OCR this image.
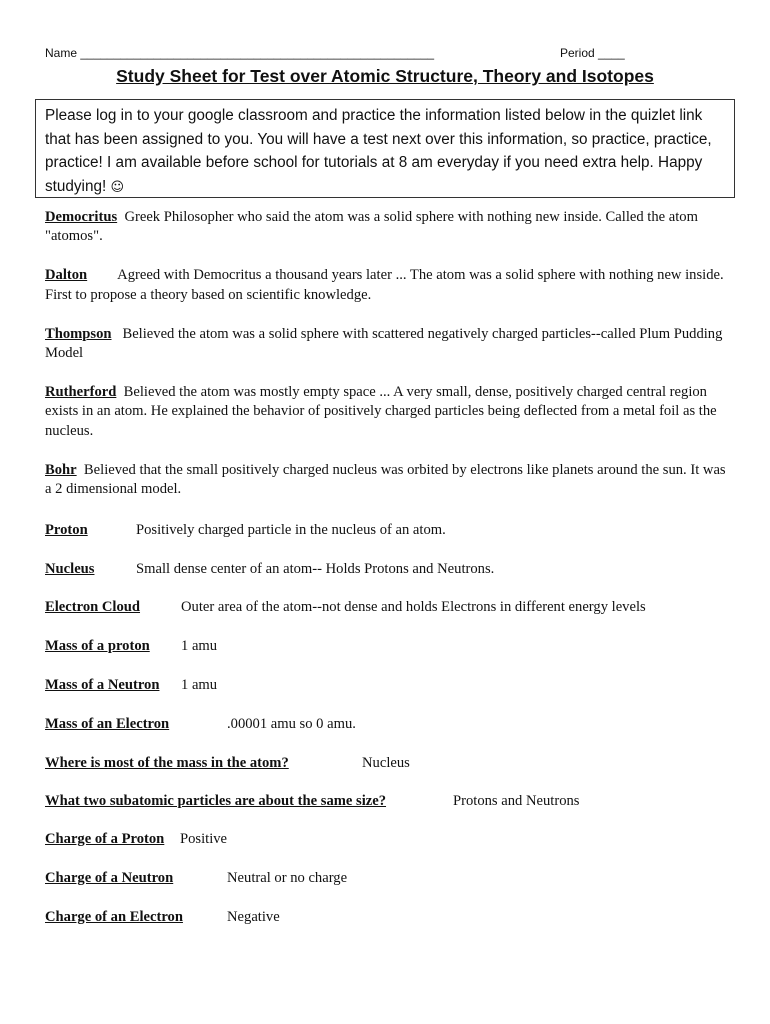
Name _____________________________________________________	Period ____
Study Sheet for Test over Atomic Structure, Theory and Isotopes
Please log in to your google classroom and practice the information listed below in the quizlet link that has been assigned to you. You will have a test next over this information, so practice, practice, practice! I am available before school for tutorials at 8 am everyday if you need extra help. Happy studying! ☺

Democritus Greek Philosopher who said the atom was a solid sphere with nothing new inside. Called the atom "atomos".

Dalton Agreed with Democritus a thousand years later ... The atom was a solid sphere with nothing new inside. First to propose a theory based on scientific knowledge.

Thompson Believed the atom was a solid sphere with scattered negatively charged particles--called Plum Pudding Model

Rutherford Believed the atom was mostly empty space ... A very small, dense, positively charged central region exists in an atom. He explained the behavior of positively charged particles being deflected from a metal foil as the nucleus.

Bohr Believed that the small positively charged nucleus was orbited by electrons like planets around the sun. It was a 2 dimensional model.

Proton	Positively charged particle in the nucleus of an atom.
Nucleus	Small dense center of an atom-- Holds Protons and Neutrons.
Electron Cloud	Outer area of the atom--not dense and holds Electrons in different energy levels
Mass of a proton 1 amu
Mass of a Neutron 1 amu
Mass of an Electron	.00001 amu so 0 amu.
Where is most of the mass in the atom?	Nucleus
What two subatomic particles are about the same size?	Protons and Neutrons
Charge of a Proton Positive
Charge of a Neutron	Neutral or no charge
Charge of an Electron	Negative
